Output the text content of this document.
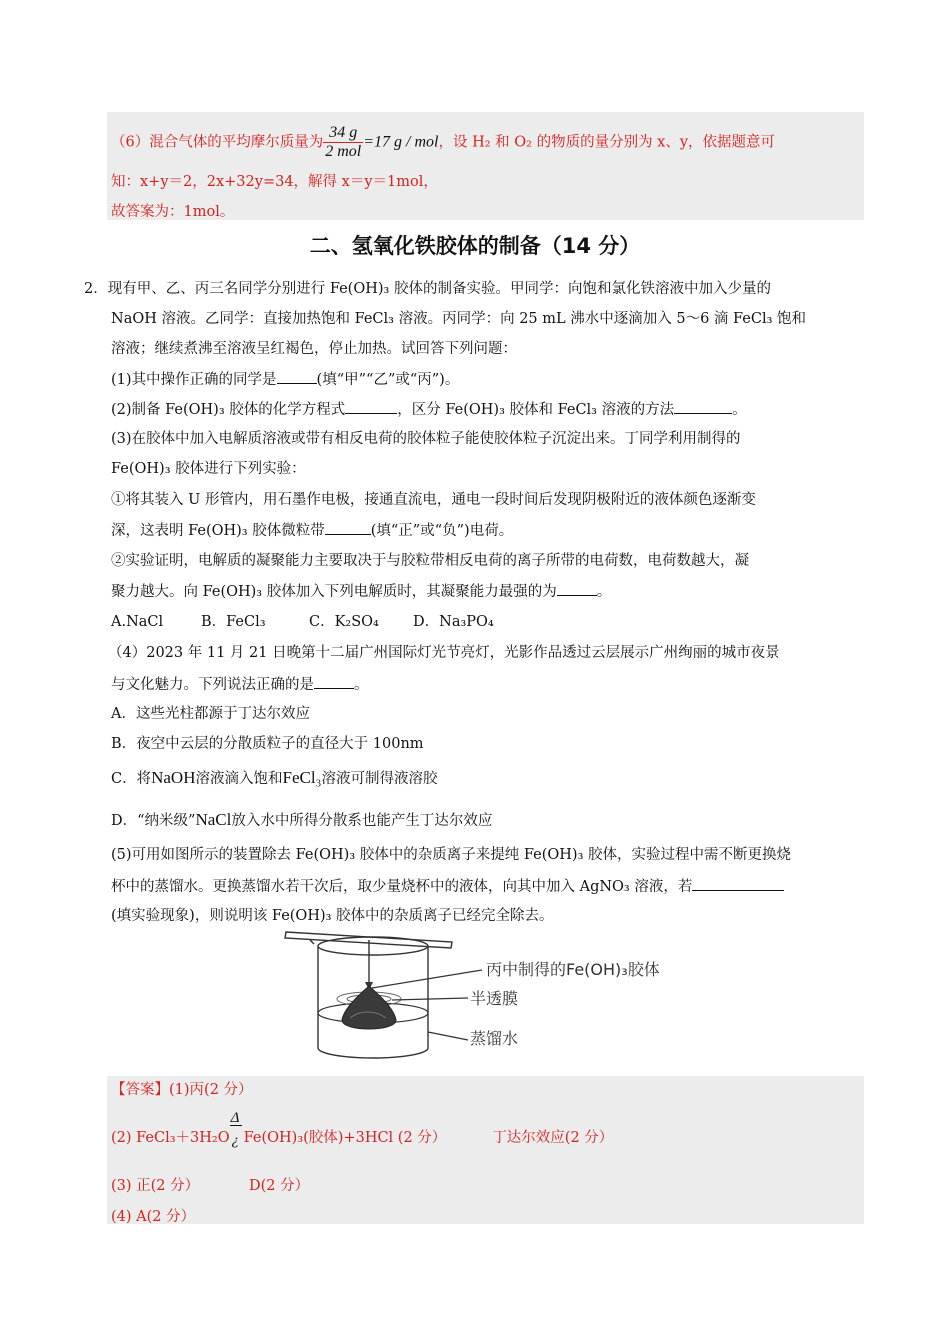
（6）混合气体的平均摩尔质量为 $\frac{34 g}{\text{2 mol}} =17$ g / mol，设 H₂ 和 O₂ 的物质的量分别为 x、y，依据题意可
知：x+y＝2，2x+32y=34，解得 x＝y＝1mol，
故答案为：1mol。
二、氢氧化铁胶体的制备（14 分）
2．现有甲、乙、丙三名同学分别进行 Fe(OH)₃ 胶体的制备实验。甲同学：向饱和氯化铁溶液中加入少量的
NaOH 溶液。乙同学：直接加热饱和 FeCl₃ 溶液。丙同学：向 25 mL 沸水中逐滴加入 5～6 滴 FeCl₃ 饱和
溶液；继续煮沸至溶液呈红褐色，停止加热。试回答下列问题：
(1)其中操作正确的同学是	(填“甲”“乙”或“丙”)。
(2)制备 Fe(OH)₃ 胶体的化学方程式	，区分 Fe(OH)₃ 胶体和 FeCl₃ 溶液的方法	。
(3)在胶体中加入电解质溶液或带有相反电荷的胶体粒子能使胶体粒子沉淀出来。丁同学利用制得的
Fe(OH)₃ 胶体进行下列实验：
①将其装入 U 形管内，用石墨作电极，接通直流电，通电一段时间后发现阴极附近的液体颜色逐渐变
深，这表明 Fe(OH)₃ 胶体微粒带	(填“正”或“负”)电荷。
②实验证明，电解质的凝聚能力主要取决于与胶粒带相反电荷的离子所带的电荷数，电荷数越大，凝
聚力越大。向 Fe(OH)₃ 胶体加入下列电解质时，其凝聚能力最强的为	。
A.NaCl	B．FeCl₃	C．K₂SO₄ D．Na₃PO₄
（4）2023 年 11 月 21 日晚第十二届广州国际灯光节亮灯，光影作品透过云层展示广州绚丽的城市夜景
与文化魅力。下列说法正确的是	。
A．这些光柱都源于丁达尔效应
B．夜空中云层的分散质粒子的直径大于 100nm
C．将NaOH溶液滴入饱和FeCl₃溶液可制得液溶胶
D．“纳米级”NaCl放入水中所得分散系也能产生丁达尔效应
(5)可用如图所示的装置除去 Fe(OH)₃ 胶体中的杂质离子来提纯 Fe(OH)₃ 胶体，实验过程中需不断更换烧
杯中的蒸馏水。更换蒸馏水若干次后，取少量烧杯中的液体，向其中加入 AgNO₃ 溶液，若
(填实验现象)，则说明该 Fe(OH)₃ 胶体中的杂质离子已经完全除去。
丙中制得的Fe(OH)₃胶体
半透膜
蒸馏水
【答案】(1)丙(2 分）
(2) FeCl₃＋3H₂O
Δ
¿ Fe(OH)₃(胶体)+3HCl (2 分）	丁达尔效应(2 分）
(3) 正(2 分）	D(2 分）
(4) A(2 分）
